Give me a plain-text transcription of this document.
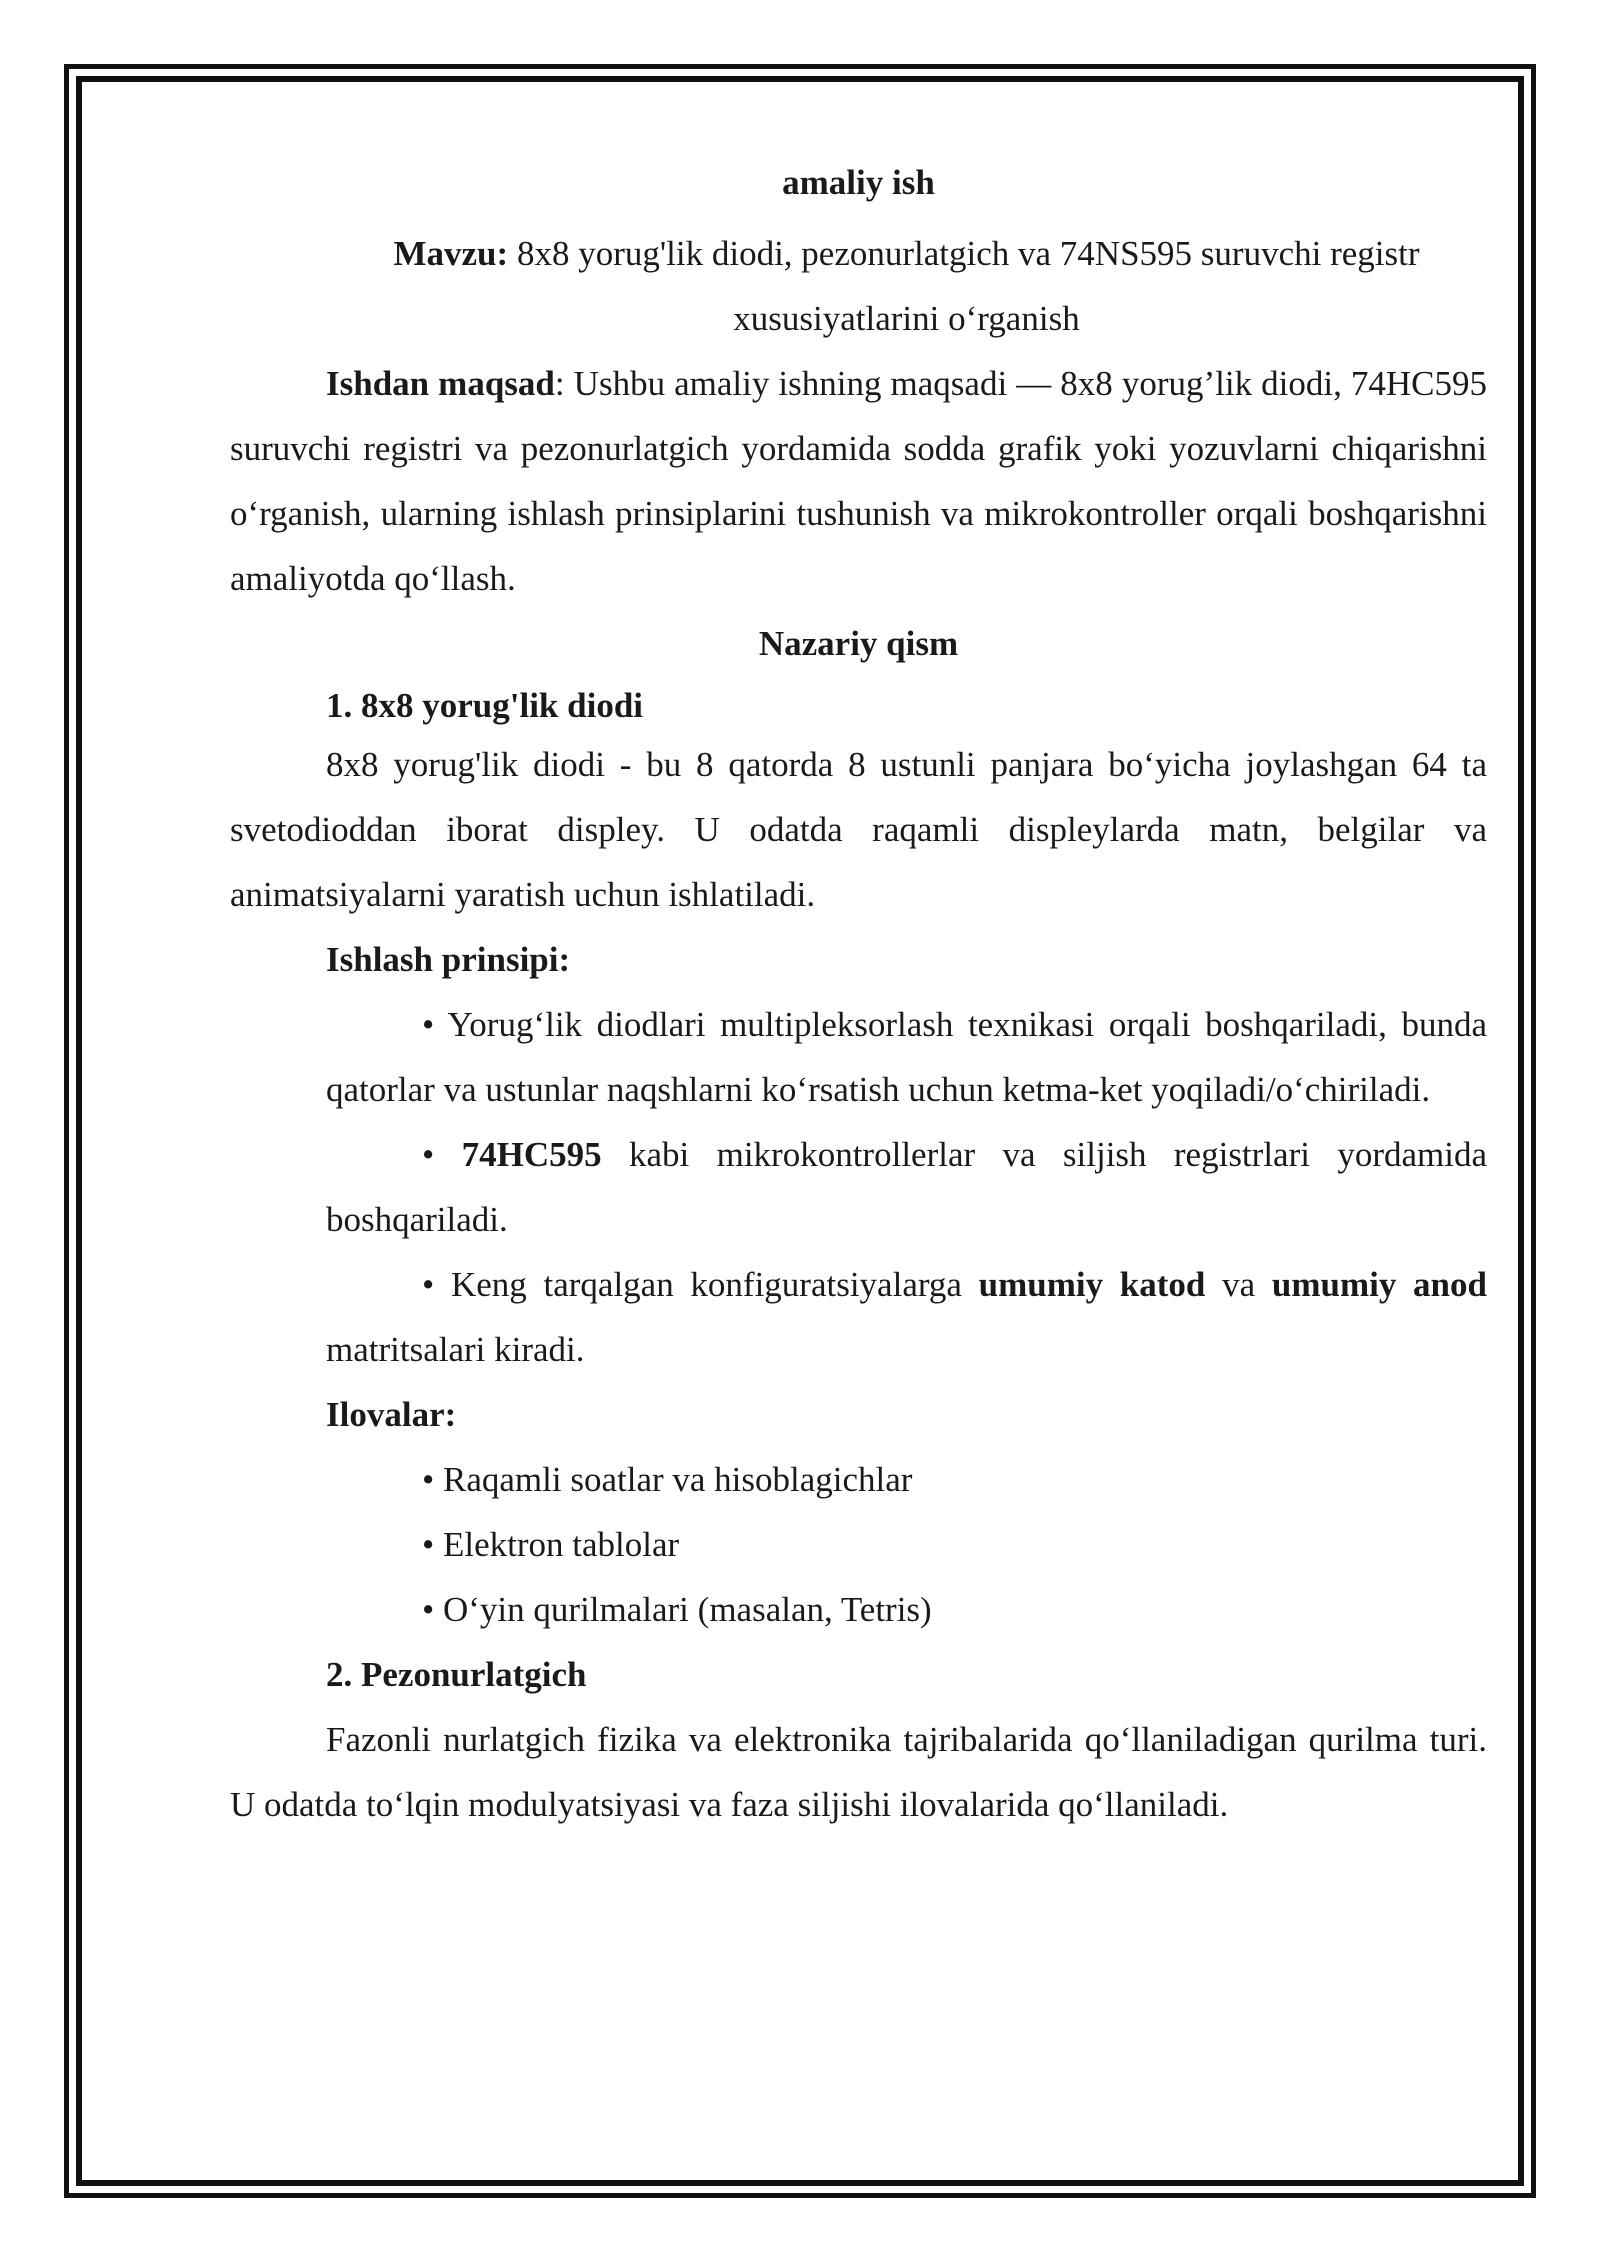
amaliy ish

Mavzu: 8x8 yorug'lik diodi, pezonurlatgich va 74NS595 suruvchi registr

xususiyatlarini o‘rganish

Ishdan maqsad: Ushbu amaliy ishning maqsadi — 8x8 yorug’lik diodi, 74HC595 suruvchi registri va pezonurlatgich yordamida sodda grafik yoki yozuvlarni chiqarishni o‘rganish, ularning ishlash prinsiplarini tushunish va mikrokontroller orqali boshqarishni amaliyotda qo‘llash.

Nazariy qism

1. 8x8 yorug'lik diodi

8x8 yorug'lik diodi - bu 8 qatorda 8 ustunli panjara bo‘yicha joylashgan 64 ta svetodioddan iborat displey. U odatda raqamli displeylarda matn, belgilar va animatsiyalarni yaratish uchun ishlatiladi.

Ishlash prinsipi:

• Yorug‘lik diodlari multipleksorlash texnikasi orqali boshqariladi, bunda qatorlar va ustunlar naqshlarni ko‘rsatish uchun ketma-ket yoqiladi/o‘chiriladi.

• 74HC595 kabi mikrokontrollerlar va siljish registrlari yordamida boshqariladi.

• Keng tarqalgan konfiguratsiyalarga umumiy katod va umumiy anod matritsalari kiradi.

Ilovalar:

• Raqamli soatlar va hisoblagichlar

• Elektron tablolar

• O‘yin qurilmalari (masalan, Tetris)

2. Pezonurlatgich

Fazonli nurlatgich fizika va elektronika tajribalarida qo‘llaniladigan qurilma turi. U odatda to‘lqin modulyatsiyasi va faza siljishi ilovalarida qo‘llaniladi.
